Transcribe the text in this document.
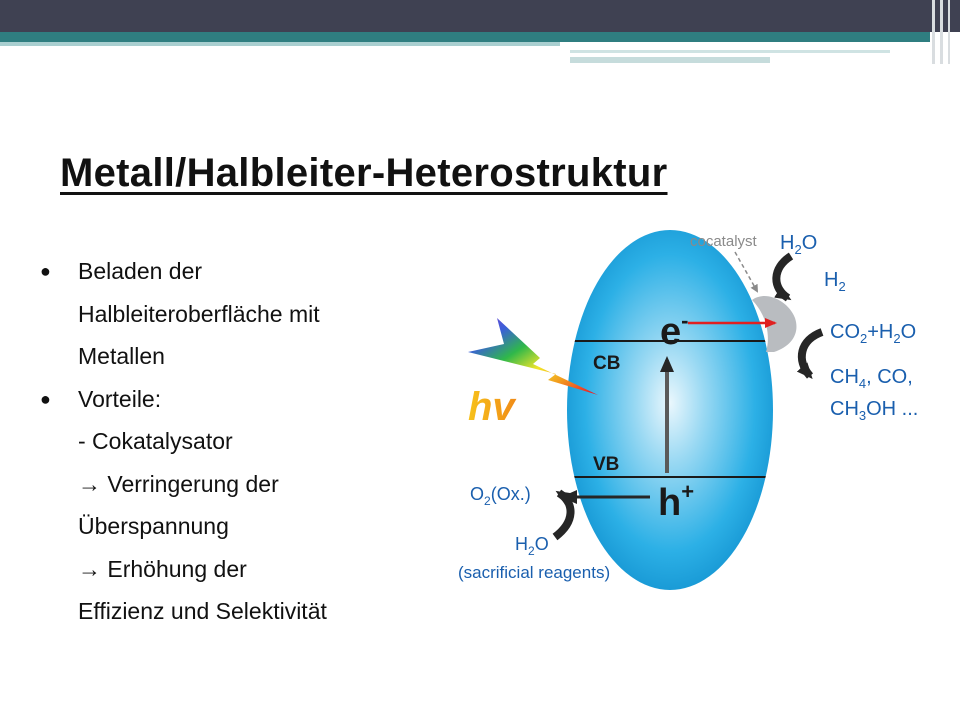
Metall/Halbleiter-Heterostruktur
● Beladen der
Halbleiteroberfläche mit
Metallen
● Vorteile:
- Cokatalysator
→ Verringerung der
Überspannung
→ Erhöhung der
Effizienz und Selektivität
hv
CB
VB
e-
h+
cocatalyst $H_2O$
$H_2$
$CO_2+H_2O$
$CH_4$, CO,
$CH_3OH$ ...
$O_2(Ox.)$
$H_2O$
(sacrificial reagents)
